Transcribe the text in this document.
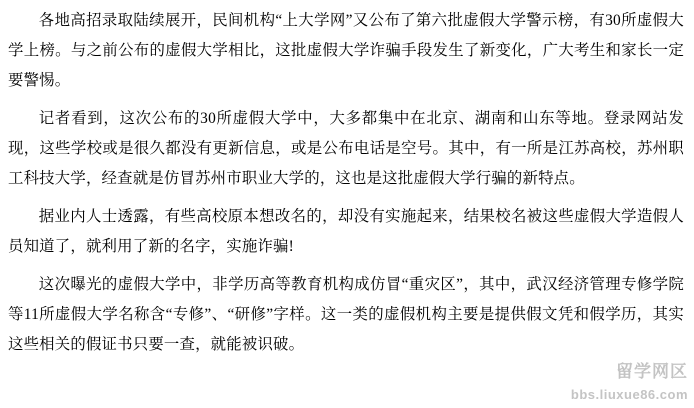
各地高招录取陆续展开，民间机构“上大学网”又公布了第六批虚假大学警示榜，有30所虚假大学上榜。与之前公布的虚假大学相比，这批虚假大学诈骗手段发生了新变化，广大考生和家长一定要警惕。

记者看到，这次公布的30所虚假大学中，大多都集中在北京、湖南和山东等地。登录网站发现，这些学校或是很久都没有更新信息，或是公布电话是空号。其中，有一所是江苏高校，苏州职工科技大学，经查就是仿冒苏州市职业大学的，这也是这批虚假大学行骗的新特点。

据业内人士透露，有些高校原本想改名的，却没有实施起来，结果校名被这些虚假大学造假人员知道了，就利用了新的名字，实施诈骗!

这次曝光的虚假大学中，非学历高等教育机构成仿冒“重灾区”，其中，武汉经济管理专修学院等11所虚假大学名称含“专修”、“研修”字样。这一类的虚假机构主要是提供假文凭和假学历，其实这些相关的假证书只要一查，就能被识破。

留学网区
bbs.liuxue86.com
